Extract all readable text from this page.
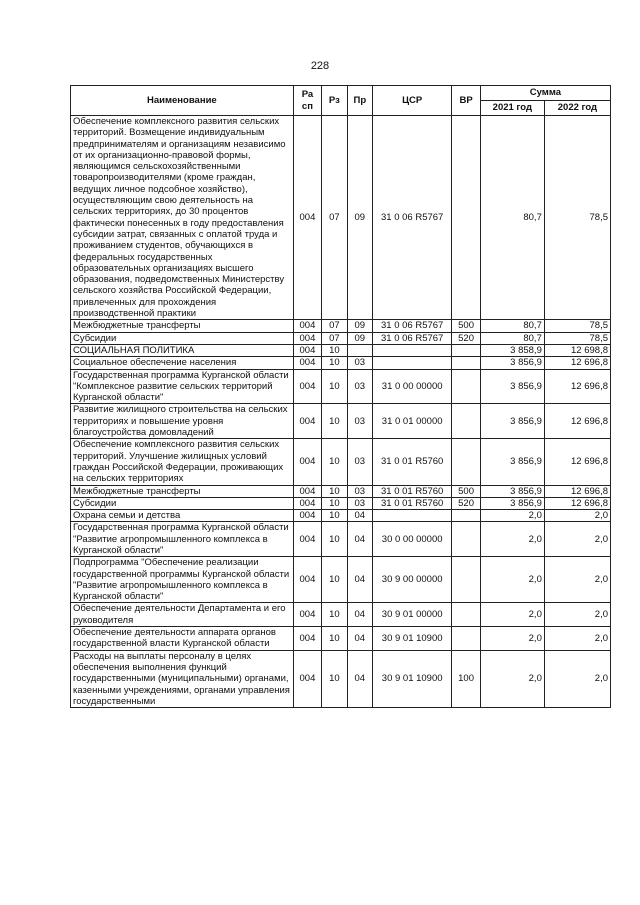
228
Наименование	Ра сп	Рз	Пр	ЦСР	ВР	Сумма	
						2021 год	2022 год
Обеспечение комплексного развития сельских территорий. Возмещение индивидуальным предпринимателям и организациям независимо от их организационно-правовой формы, являющимся сельскохозяйственными товаропроизводителями (кроме граждан, ведущих личное подсобное хозяйство), осуществляющим свою деятельность на сельских территориях, до 30 процентов фактически понесенных в году предоставления субсидии затрат, связанных с оплатой труда и проживанием студентов, обучающихся в федеральных государственных образовательных организациях высшего образования, подведомственных Министерству сельского хозяйства Российской Федерации, привлеченных для прохождения производственной практики	004	07	09	31 0 06 R5767		80,7	78,5
Межбюджетные трансферты	004	07	09	31 0 06 R5767	500	80,7	78,5
Субсидии	004	07	09	31 0 06 R5767	520	80,7	78,5
СОЦИАЛЬНАЯ ПОЛИТИКА	004	10				3 858,9	12 698,8
Социальное обеспечение населения	004	10	03			3 856,9	12 696,8
Государственная программа Курганской области "Комплексное развитие сельских территорий Курганской области"	004	10	03	31 0 00 00000		3 856,9	12 696,8
Развитие жилищного строительства на сельских территориях и повышение уровня благоустройства домовладений	004	10	03	31 0 01 00000		3 856,9	12 696,8
Обеспечение комплексного развития сельских территорий. Улучшение жилищных условий граждан Российской Федерации, проживающих на сельских территориях	004	10	03	31 0 01 R5760		3 856,9	12 696,8
Межбюджетные трансферты	004	10	03	31 0 01 R5760	500	3 856,9	12 696,8
Субсидии	004	10	03	31 0 01 R5760	520	3 856,9	12 696,8
Охрана семьи и детства	004	10	04			2,0	2,0
Государственная программа Курганской области "Развитие агропромышленного комплекса в Курганской области"	004	10	04	30 0 00 00000		2,0	2,0
Подпрограмма "Обеспечение реализации государственной программы Курганской области "Развитие агропромышленного комплекса в Курганской области"	004	10	04	30 9 00 00000		2,0	2,0
Обеспечение деятельности Департамента и его руководителя	004	10	04	30 9 01 00000		2,0	2,0
Обеспечение деятельности аппарата органов государственной власти Курганской области	004	10	04	30 9 01 10900		2,0	2,0
Расходы на выплаты персоналу в целях обеспечения выполнения функций государственными (муниципальными) органами, казенными учреждениями, органами управления государственными	004	10	04	30 9 01 10900	100	2,0	2,0
